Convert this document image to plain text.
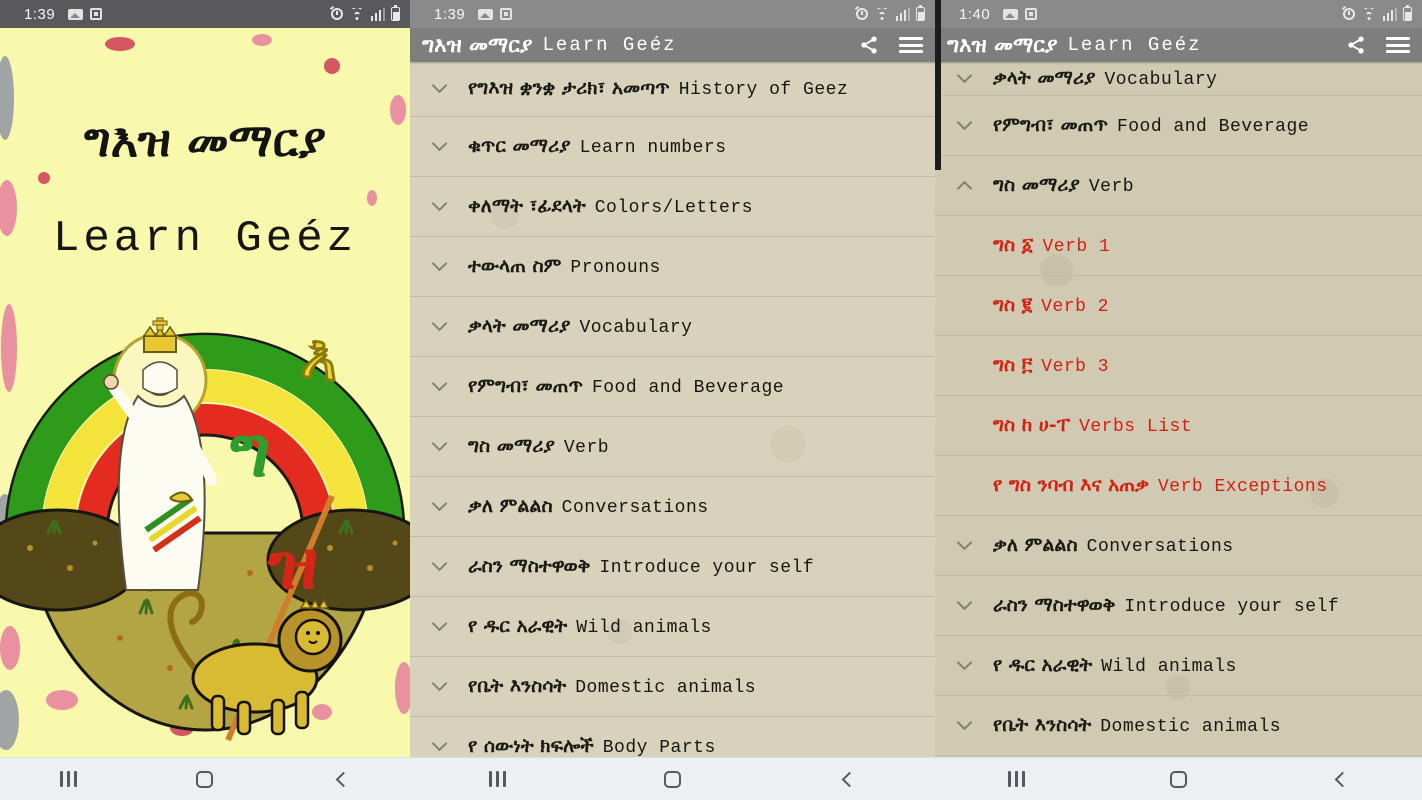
1:39
ግእዝ መማርያ
Learn Geéz
እ
ግ
ዝ
1:39
ግእዝ መማርያ Learn Geéz
የግእዝ ቋንቋ ታሪክ፣ አመጣጥ History of Geez
ቁጥር መማሪያ Learn numbers
ቀለማት ፣ፊደላት Colors/Letters
ተውላጠ ስም Pronouns
ቃላት መማሪያ Vocabulary
የምግብ፣ መጠጥ Food and Beverage
ግስ መማሪያ Verb
ቃለ ምልልስ Conversations
ራስን ማስተዋወቅ Introduce your self
የ ዱር አራዊት Wild animals
የቤት እንስሳት Domestic animals
የ ሰውነት ክፍሎች Body Parts
1:40
ግእዝ መማርያ Learn Geéz
ቃላት መማሪያ Vocabulary
የምግብ፣ መጠጥ Food and Beverage
ግስ መማሪያ Verb
ግስ ፩ Verb 1
ግስ ፪ Verb 2
ግስ ፫ Verb 3
ግስ ከ ሀ-ፐ Verbs List
የ ግስ ንባብ እና አጠቃ Verb Exceptions
ቃለ ምልልስ Conversations
ራስን ማስተዋወቅ Introduce your self
የ ዱር አራዊት Wild animals
የቤት እንስሳት Domestic animals
